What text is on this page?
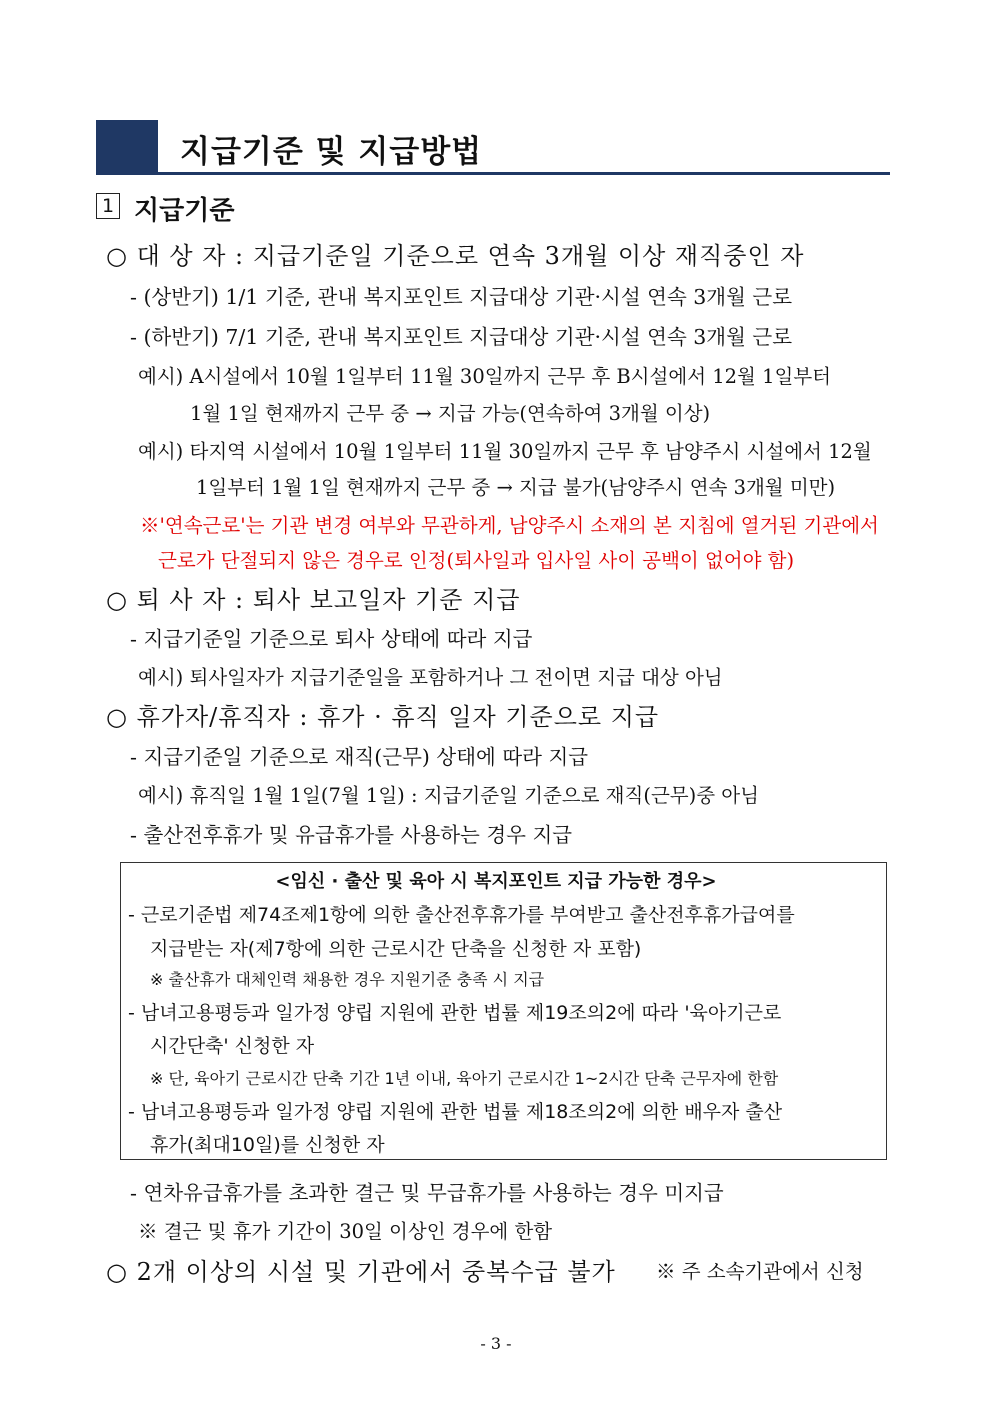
지급기준 및 지급방법
1 지급기준
○ 대 상 자 : 지급기준일 기준으로 연속 3개월 이상 재직중인 자
- (상반기) 1/1 기준, 관내 복지포인트 지급대상 기관·시설 연속 3개월 근로
- (하반기) 7/1 기준, 관내 복지포인트 지급대상 기관·시설 연속 3개월 근로
예시) A시설에서 10월 1일부터 11월 30일까지 근무 후 B시설에서 12월 1일부터
1월 1일 현재까지 근무 중 → 지급 가능(연속하여 3개월 이상)
예시) 타지역 시설에서 10월 1일부터 11월 30일까지 근무 후 남양주시 시설에서 12월
1일부터 1월 1일 현재까지 근무 중 → 지급 불가(남양주시 연속 3개월 미만)
※'연속근로'는 기관 변경 여부와 무관하게, 남양주시 소재의 본 지침에 열거된 기관에서
근로가 단절되지 않은 경우로 인정(퇴사일과 입사일 사이 공백이 없어야 함)
○ 퇴 사 자 : 퇴사 보고일자 기준 지급
- 지급기준일 기준으로 퇴사 상태에 따라 지급
예시) 퇴사일자가 지급기준일을 포함하거나 그 전이면 지급 대상 아님
○ 휴가자/휴직자 : 휴가 · 휴직 일자 기준으로 지급
- 지급기준일 기준으로 재직(근무) 상태에 따라 지급
예시) 휴직일 1월 1일(7월 1일) : 지급기준일 기준으로 재직(근무)중 아님
- 출산전후휴가 및 유급휴가를 사용하는 경우 지급
<임신 · 출산 및 육아 시 복지포인트 지급 가능한 경우>
- 근로기준법 제74조제1항에 의한 출산전후휴가를 부여받고 출산전후휴가급여를
지급받는 자(제7항에 의한 근로시간 단축을 신청한 자 포함)
※ 출산휴가 대체인력 채용한 경우 지원기준 충족 시 지급
- 남녀고용평등과 일가정 양립 지원에 관한 법률 제19조의2에 따라 '육아기근로
시간단축' 신청한 자
※ 단, 육아기 근로시간 단축 기간 1년 이내, 육아기 근로시간 1~2시간 단축 근무자에 한함
- 남녀고용평등과 일가정 양립 지원에 관한 법률 제18조의2에 의한 배우자 출산
휴가(최대10일)를 신청한 자
- 연차유급휴가를 초과한 결근 및 무급휴가를 사용하는 경우 미지급
※ 결근 및 휴가 기간이 30일 이상인 경우에 한함
○ 2개 이상의 시설 및 기관에서 중복수급 불가 ※ 주 소속기관에서 신청
- 3 -
